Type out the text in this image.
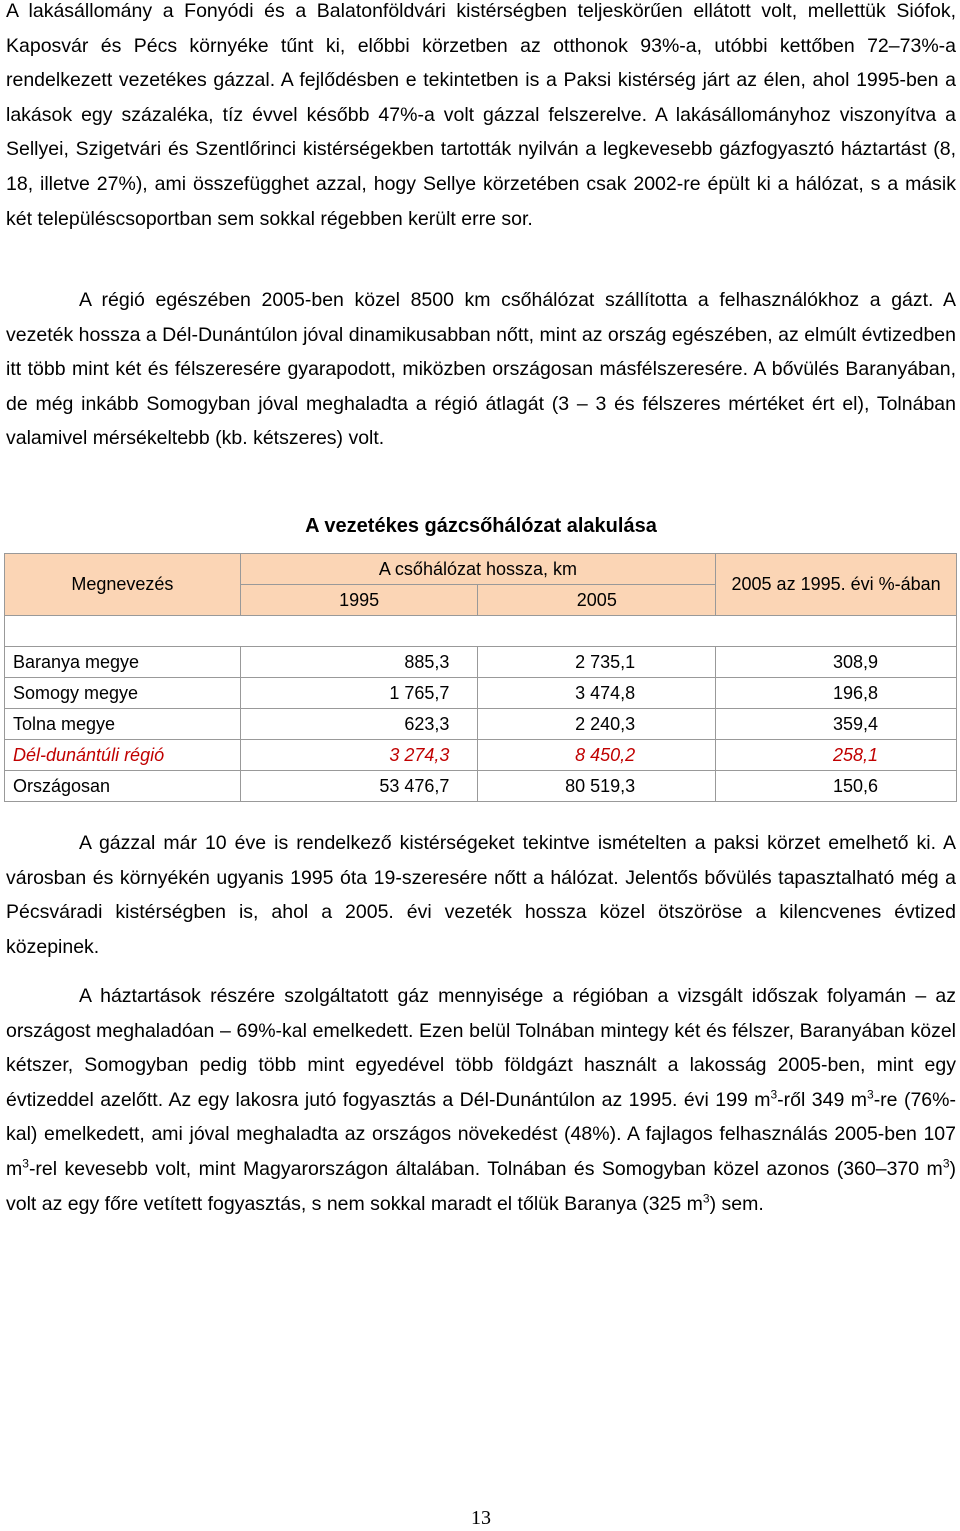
A lakásállomány a Fonyódi és a Balatonföldvári kistérségben teljeskörűen ellátott volt, mellettük Siófok, Kaposvár és Pécs környéke tűnt ki, előbbi körzetben az otthonok 93%-a, utóbbi kettőben 72–73%-a rendelkezett vezetékes gázzal. A fejlődésben e tekintetben is a Paksi kistérség járt az élen, ahol 1995-ben a lakások egy százaléka, tíz évvel később 47%-a volt gázzal felszerelve. A lakásállományhoz viszonyítva a Sellyei, Szigetvári és Szentlőrinci kistérségekben tartották nyilván a legkevesebb gázfogyasztó háztartást (8, 18, illetve 27%), ami összefügghet azzal, hogy Sellye körzetében csak 2002-re épült ki a hálózat, s a másik két településcsoportban sem sokkal régebben került erre sor.

A régió egészében 2005-ben közel 8500 km csőhálózat szállította a felhasználókhoz a gázt. A vezeték hossza a Dél-Dunántúlon jóval dinamikusabban nőtt, mint az ország egészében, az elmúlt évtizedben itt több mint két és félszeresére gyarapodott, miközben országosan másfélszeresére. A bővülés Baranyában, de még inkább Somogyban jóval meghaladta a régió átlagát (3 – 3 és félszeres mértéket ért el), Tolnában valamivel mérsékeltebb (kb. kétszeres) volt.

A vezetékes gázcsőhálózat alakulása
Megnevezés	A csőhálózat hossza, km		2005 az 1995. évi %-ában
	1995	2005	

Baranya megye	885,3	2 735,1	308,9
Somogy megye	1 765,7	3 474,8	196,8
Tolna megye	623,3	2 240,3	359,4
Dél-dunántúli régió	3 274,3	8 450,2	258,1
Országosan	53 476,7	80 519,3	150,6

A gázzal már 10 éve is rendelkező kistérségeket tekintve ismételten a paksi körzet emelhető ki. A városban és környékén ugyanis 1995 óta 19-szeresére nőtt a hálózat. Jelentős bővülés tapasztalható még a Pécsváradi kistérségben is, ahol a 2005. évi vezeték hossza közel ötszöröse a kilencvenes évtized közepinek.

A háztartások részére szolgáltatott gáz mennyisége a régióban a vizsgált időszak folyamán – az országost meghaladóan – 69%-kal emelkedett. Ezen belül Tolnában mintegy két és félszer, Baranyában közel kétszer, Somogyban pedig több mint egyedével több földgázt használt a lakosság 2005-ben, mint egy évtizeddel azelőtt. Az egy lakosra jutó fogyasztás a Dél-Dunántúlon az 1995. évi 199 $m^3$-ről 349 $m^3-re$ (76%-kal) emelkedett, ami jóval meghaladta az országos növekedést (48%). A fajlagos felhasználás 2005-ben 107 $m^3$-rel kevesebb volt, mint Magyarországon általában. Tolnában és Somogyban közel azonos (360–370 $m^3$) volt az egy főre vetített fogyasztás, s nem sokkal maradt el tőlük Baranya (325 $m^3$) sem.

13
